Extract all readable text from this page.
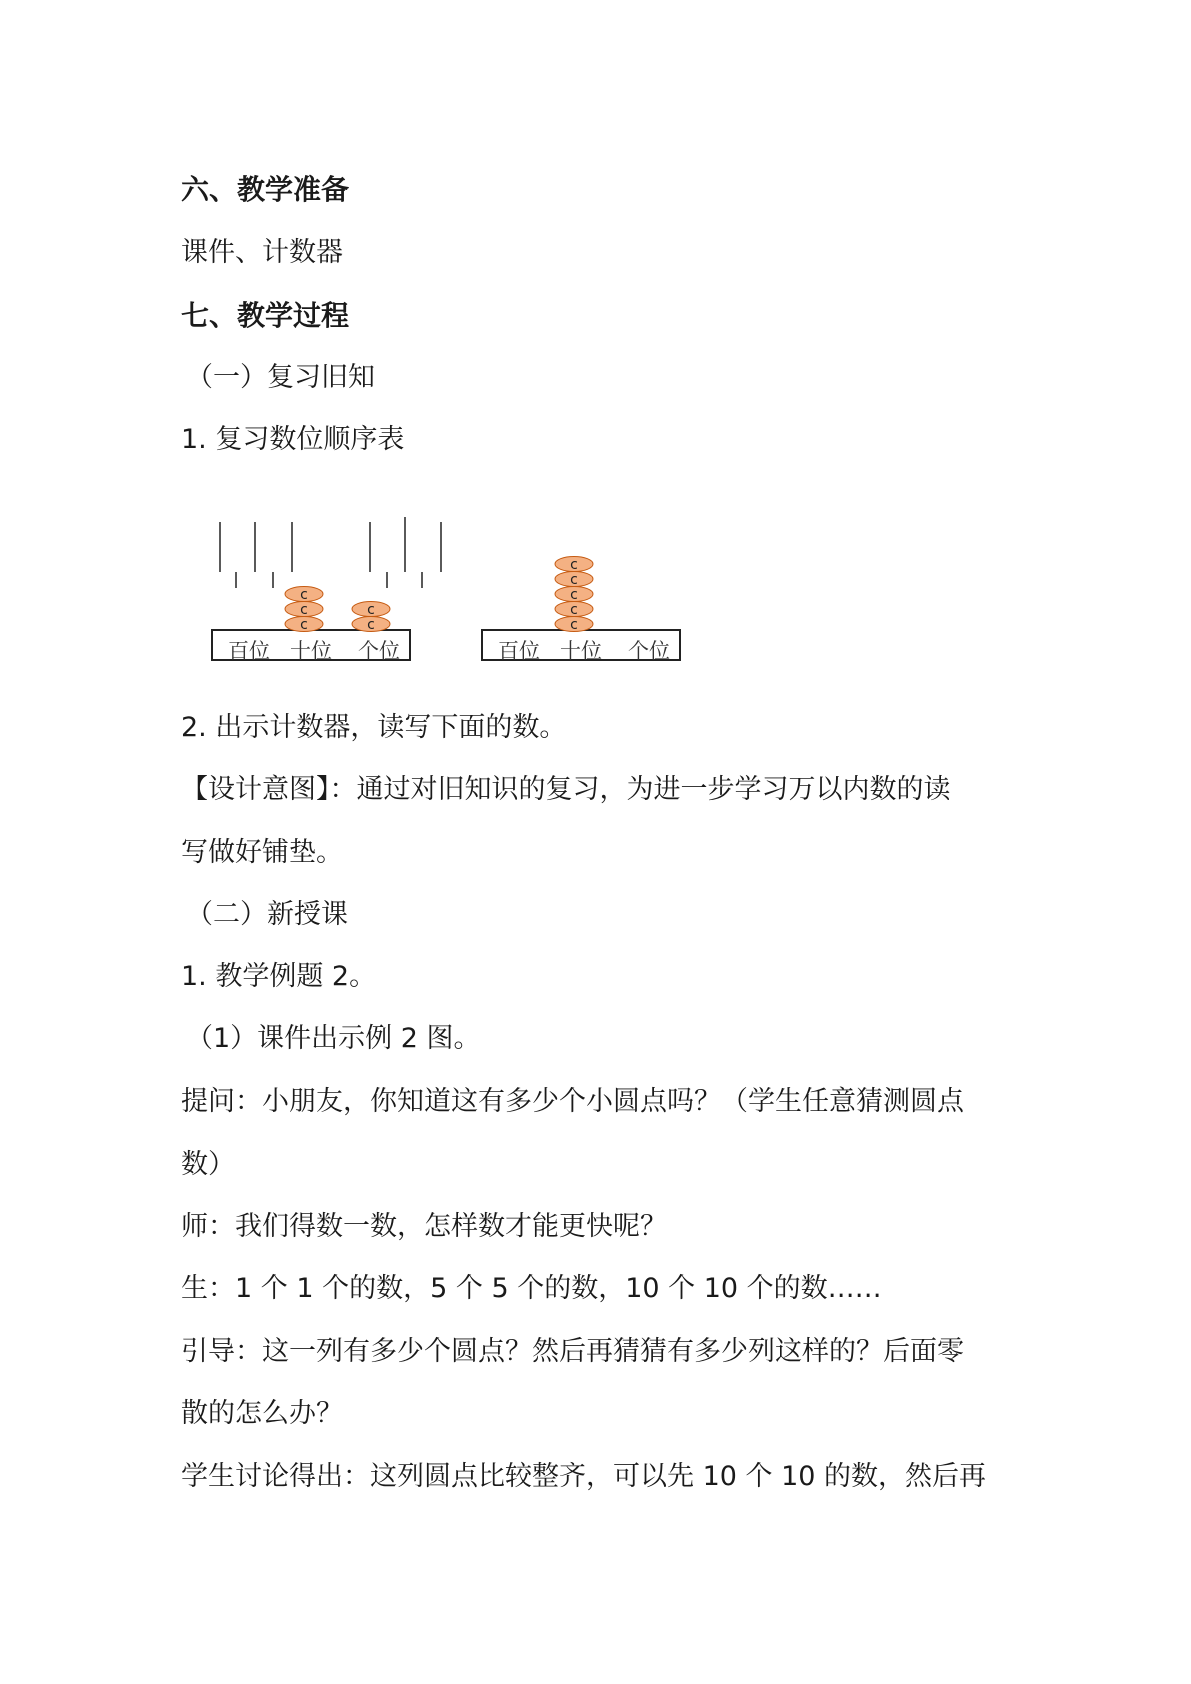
六、教学准备
课件、计数器
七、教学过程
（一）复习旧知
1. 复习数位顺序表
c
c
c
c
c
百位 十位 个位
c
c
c
c
c
百位 十位 个位
2. 出示计数器，读写下面的数。
【设计意图】：通过对旧知识的复习，为进一步学习万以内数的读
写做好铺垫。
（二）新授课
1. 教学例题 2。
（1）课件出示例 2 图。
提问：小朋友，你知道这有多少个小圆点吗？（学生任意猜测圆点
数）
师：我们得数一数，怎样数才能更快呢？
生：1 个 1 个的数，5 个 5 个的数，10 个 10 个的数……
引导：这一列有多少个圆点？然后再猜猜有多少列这样的？后面零
散的怎么办？
学生讨论得出：这列圆点比较整齐，可以先 10 个 10 的数，然后再
